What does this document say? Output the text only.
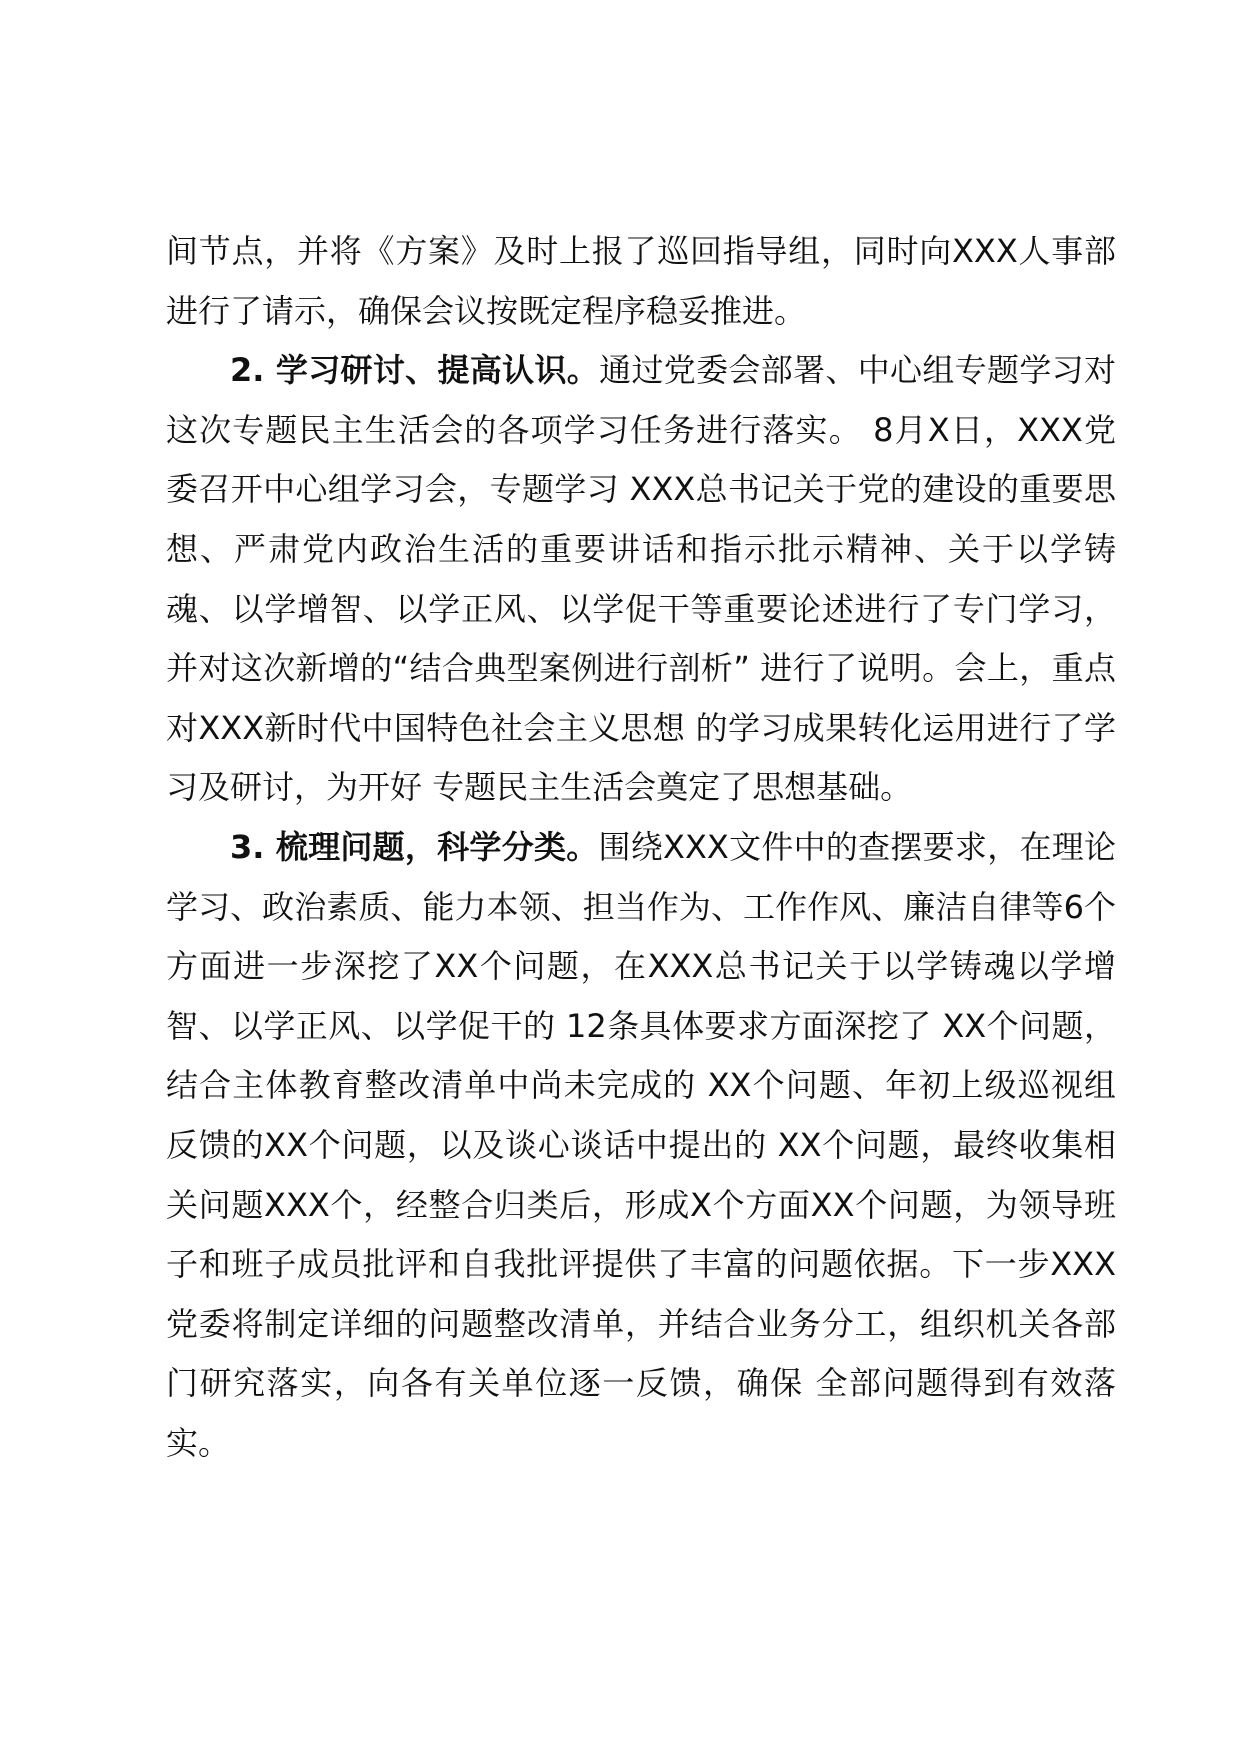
间节点，并将《方案》及时上报了巡回指导组，同时向XXX人事部进行了请示，确保会议按既定程序稳妥推进。

2. 学习研讨、提高认识。通过党委会部署、中心组专题学习对这次专题民主生活会的各项学习任务进行落实。 8月X日，XXX党委召开中心组学习会，专题学习 XXX总书记关于党的建设的重要思想、严肃党内政治生活的重要讲话和指示批示精神、关于以学铸魂、以学增智、以学正风、以学促干等重要论述进行了专门学习，并对这次新增的“结合典型案例进行剖析” 进行了说明。会上，重点对XXX新时代中国特色社会主义思想 的学习成果转化运用进行了学习及研讨，为开好 专题民主生活会奠定了思想基础。

3. 梳理问题，科学分类。围绕XXX文件中的查摆要求，在理论学习、政治素质、能力本领、担当作为、工作作风、廉洁自律等6个方面进一步深挖了XX个问题，在XXX总书记关于以学铸魂以学增智、以学正风、以学促干的 12条具体要求方面深挖了 XX个问题，结合主体教育整改清单中尚未完成的 XX个问题、年初上级巡视组反馈的XX个问题，以及谈心谈话中提出的 XX个问题，最终收集相关问题XXX个，经整合归类后，形成X个方面XX个问题，为领导班子和班子成员批评和自我批评提供了丰富的问题依据。下一步XXX党委将制定详细的问题整改清单，并结合业务分工，组织机关各部门研究落实，向各有关单位逐一反馈，确保 全部问题得到有效落实。
